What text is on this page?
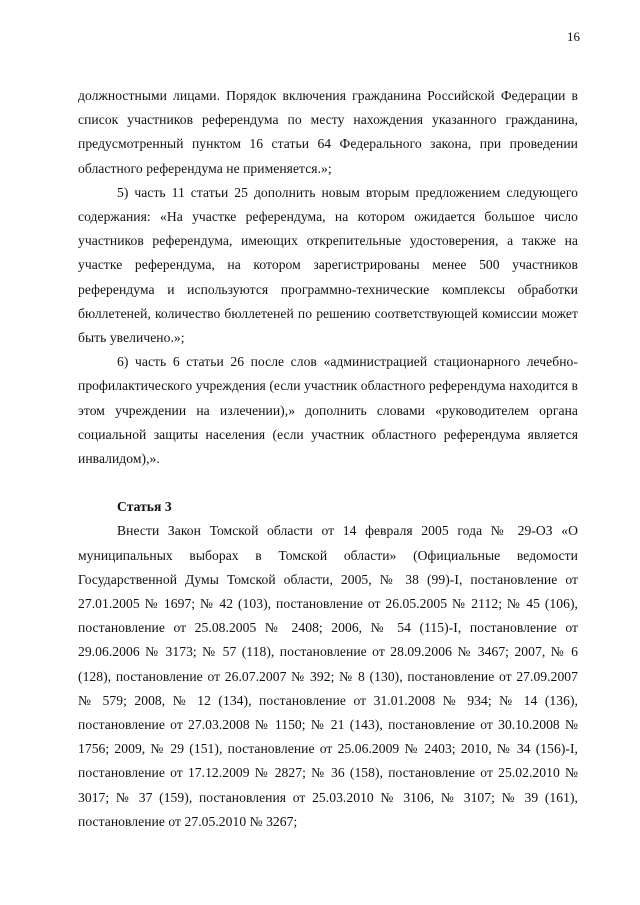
16

должностными лицами. Порядок включения гражданина Российской Федерации в список участников референдума по месту нахождения указанного гражданина, предусмотренный пунктом 16 статьи 64 Федерального закона, при проведении областного референдума не применяется.»;

5) часть 11 статьи 25 дополнить новым вторым предложением следующего содержания: «На участке референдума, на котором ожидается большое число участников референдума, имеющих открепительные удостоверения, а также на участке референдума, на котором зарегистрированы менее 500 участников референдума и используются программно-технические комплексы обработки бюллетеней, количество бюллетеней по решению соответствующей комиссии может быть увеличено.»;

6) часть 6 статьи 26 после слов «администрацией стационарного лечебно-профилактического учреждения (если участник областного референдума находится в этом учреждении на излечении),» дополнить словами «руководителем органа социальной защиты населения (если участник областного референдума является инвалидом),».

Статья 3

Внести Закон Томской области от 14 февраля 2005 года № 29-ОЗ «О муниципальных выборах в Томской области» (Официальные ведомости Государственной Думы Томской области, 2005, № 38 (99)-I, постановление от 27.01.2005 № 1697; № 42 (103), постановление от 26.05.2005 № 2112; № 45 (106), постановление от 25.08.2005 № 2408; 2006, № 54 (115)-I, постановление от 29.06.2006 № 3173; № 57 (118), постановление от 28.09.2006 № 3467; 2007, № 6 (128), постановление от 26.07.2007 № 392; № 8 (130), постановление от 27.09.2007 № 579; 2008, № 12 (134), постановление от 31.01.2008 № 934; № 14 (136), постановление от 27.03.2008 № 1150; № 21 (143), постановление от 30.10.2008 № 1756; 2009, № 29 (151), постановление от 25.06.2009 № 2403; 2010, № 34 (156)-I, постановление от 17.12.2009 № 2827; № 36 (158), постановление от 25.02.2010 № 3017; № 37 (159), постановления от 25.03.2010 № 3106, № 3107; № 39 (161), постановление от 27.05.2010 № 3267;
